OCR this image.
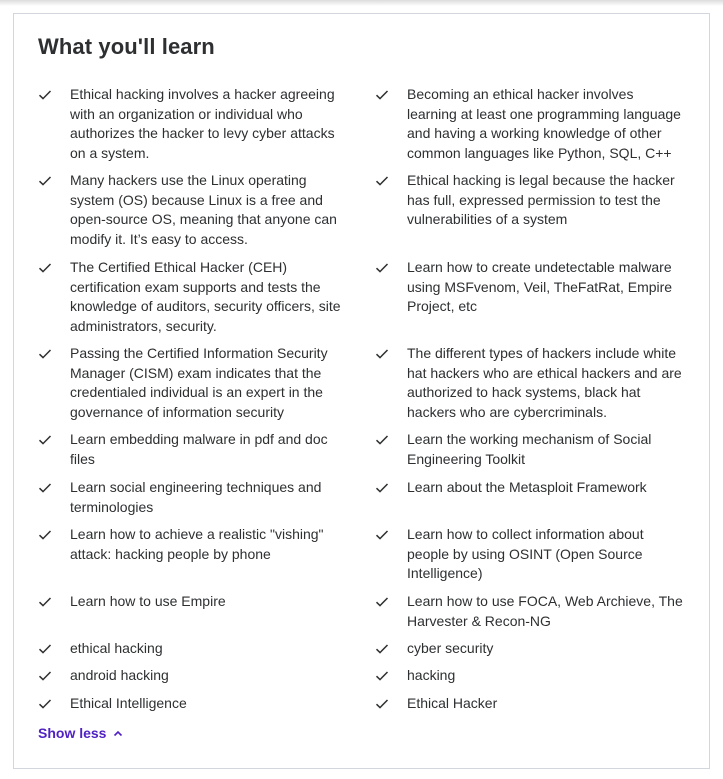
What you'll learn
Ethical hacking involves a hacker agreeing with an organization or individual who authorizes the hacker to levy cyber attacks on a system.
Many hackers use the Linux operating system (OS) because Linux is a free and open-source OS, meaning that anyone can modify it. It’s easy to access.
The Certified Ethical Hacker (CEH) certification exam supports and tests the knowledge of auditors, security officers, site administrators, security.
Passing the Certified Information Security Manager (CISM) exam indicates that the credentialed individual is an expert in the governance of information security
Learn embedding malware in pdf and doc files
Learn social engineering techniques and terminologies
Learn how to achieve a realistic "vishing" attack: hacking people by phone
Learn how to use Empire
ethical hacking
android hacking
Ethical Intelligence
Becoming an ethical hacker involves learning at least one programming language and having a working knowledge of other common languages like Python, SQL, C++
Ethical hacking is legal because the hacker has full, expressed permission to test the vulnerabilities of a system
Learn how to create undetectable malware using MSFvenom, Veil, TheFatRat, Empire Project, etc
The different types of hackers include white hat hackers who are ethical hackers and are authorized to hack systems, black hat hackers who are cybercriminals.
Learn the working mechanism of Social Engineering Toolkit
Learn about the Metasploit Framework
Learn how to collect information about people by using OSINT (Open Source Intelligence)
Learn how to use FOCA, Web Archieve, The Harvester & Recon-NG
cyber security
hacking
Ethical Hacker
Show less
